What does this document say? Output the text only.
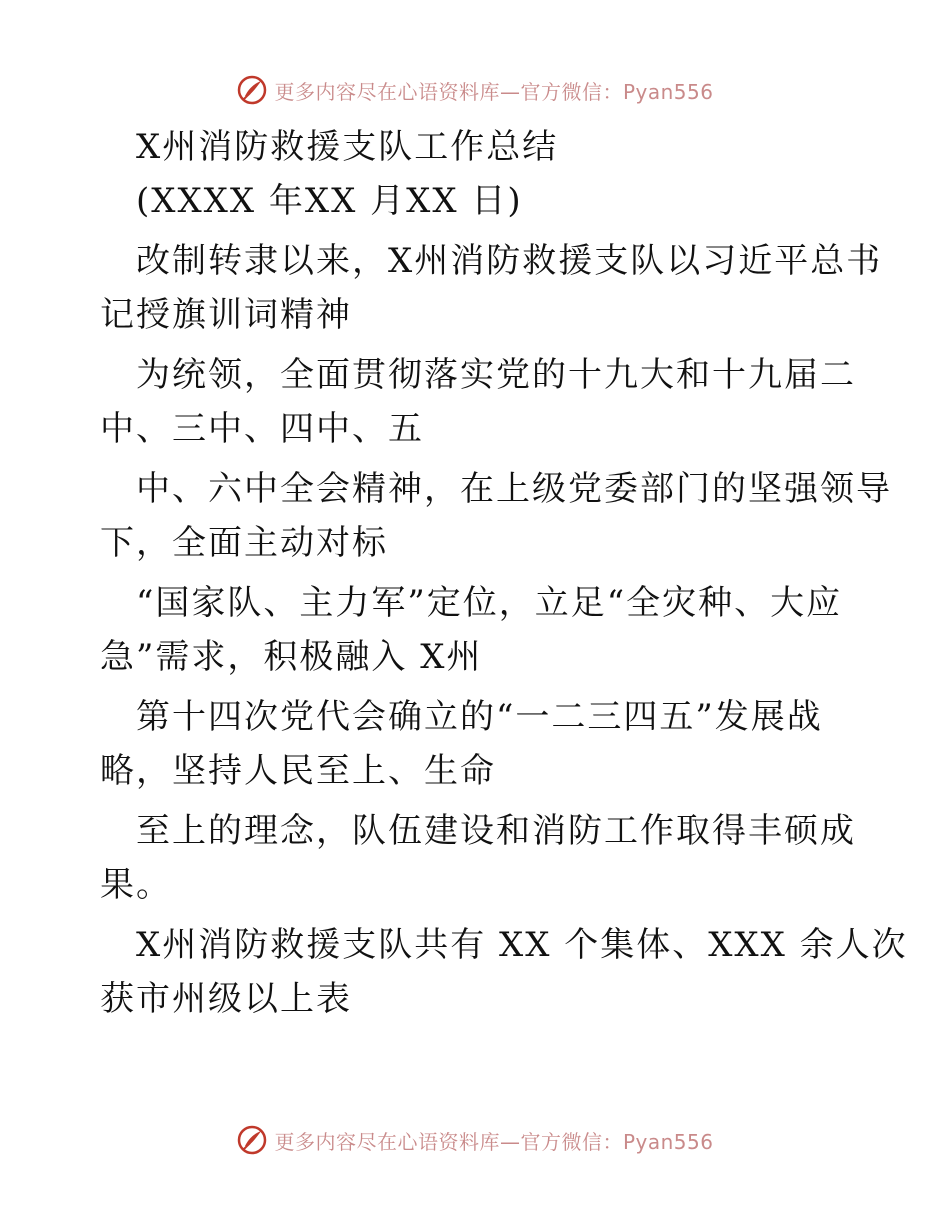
更多内容尽在心语资料库—官方微信：Pyan556
X州消防救援支队工作总结
(XXXX 年XX 月XX 日)
改制转隶以来，X州消防救援支队以习近平总书
记授旗训词精神
为统领，全面贯彻落实党的十九大和十九届二
中、三中、四中、五
中、六中全会精神，在上级党委部门的坚强领导
下，全面主动对标
“国家队、主力军”定位，立足“全灾种、大应
急”需求，积极融入 X州
第十四次党代会确立的“一二三四五”发展战
略，坚持人民至上、生命
至上的理念，队伍建设和消防工作取得丰硕成
果。
X州消防救援支队共有 XX 个集体、XXX 余人次
获市州级以上表
更多内容尽在心语资料库—官方微信：Pyan556
